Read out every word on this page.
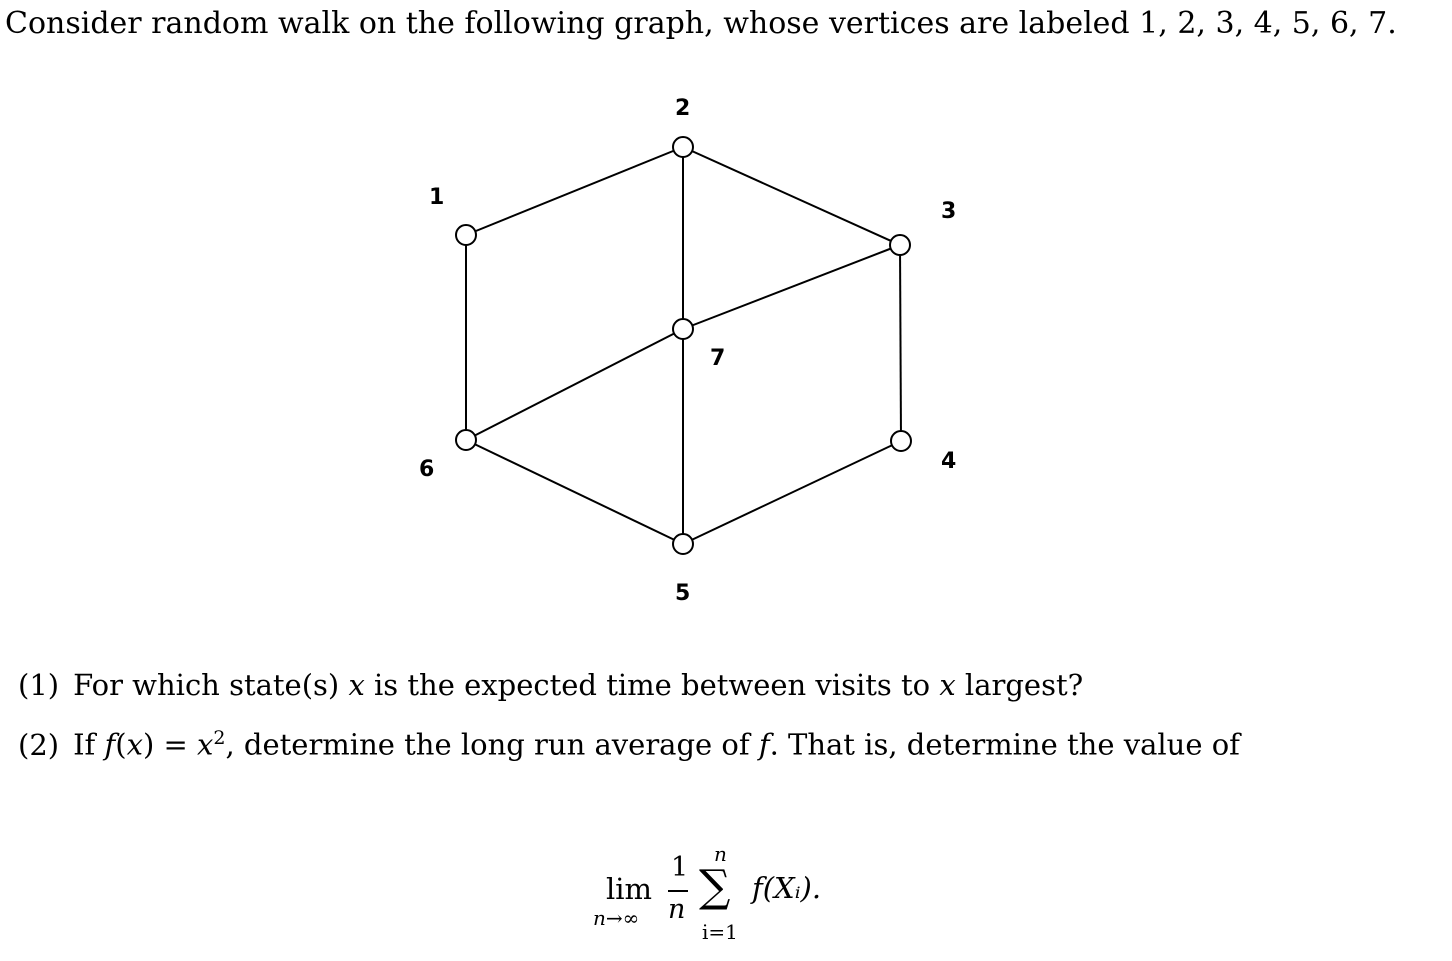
Consider random walk on the following graph, whose vertices are labeled 1, 2, 3, 4, 5, 6, 7.
1
2
3
4
5
6
7
(1) For which state(s) x is the expected time between visits to x largest?
(2) If $f(x) = x^2$, determine the long run average of f. That is, determine the value of
lim
n→∞
1
n ∑
n
i=1
f(Xᵢ).
